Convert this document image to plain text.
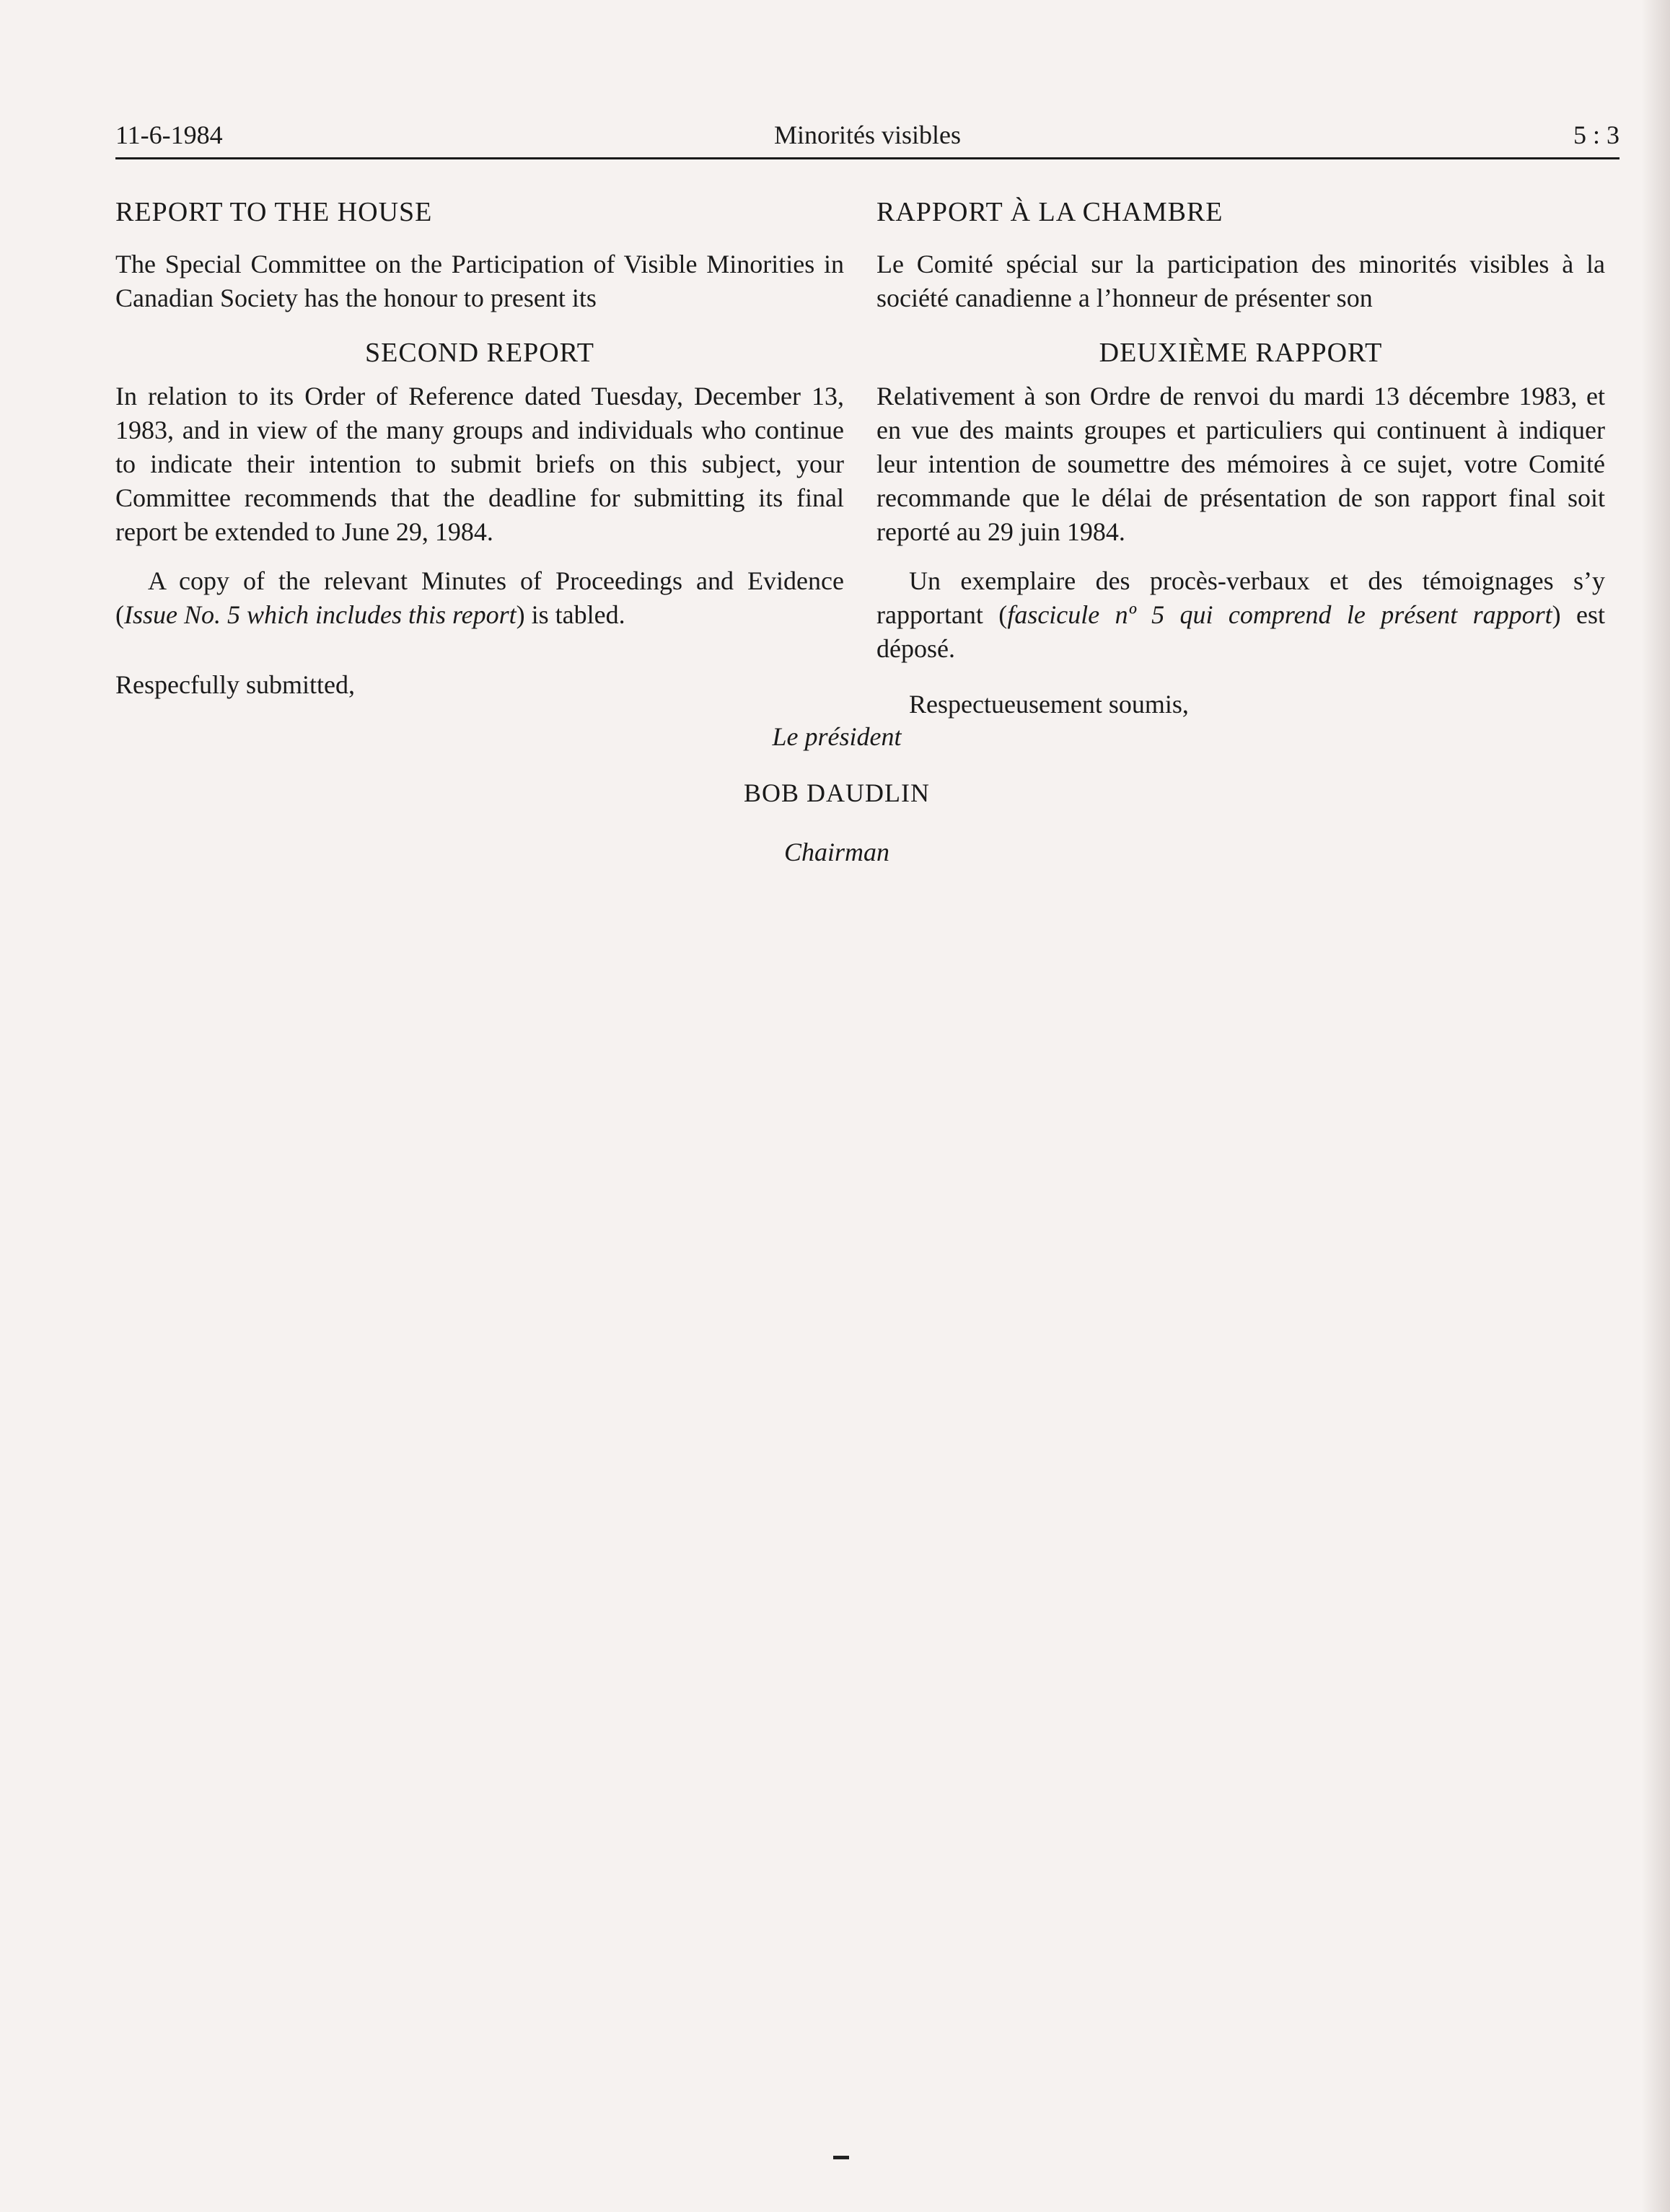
11-6-1984	Minorités visibles	5 : 3
REPORT TO THE HOUSE

The Special Committee on the Participation of Visible Minorities in Canadian Society has the honour to present its

SECOND REPORT

In relation to its Order of Reference dated Tuesday, December 13, 1983, and in view of the many groups and individuals who continue to indicate their intention to submit briefs on this subject, your Committee recommends that the deadline for submitting its final report be extended to June 29, 1984.

A copy of the relevant Minutes of Proceedings and Evidence (Issue No. 5 which includes this report) is tabled.

Respecfully submitted,

RAPPORT À LA CHAMBRE

Le Comité spécial sur la participation des minorités visibles à la société canadienne a l’honneur de présenter son

DEUXIÈME RAPPORT

Relativement à son Ordre de renvoi du mardi 13 décembre 1983, et en vue des maints groupes et particuliers qui continuent à indiquer leur intention de soumettre des mémoires à ce sujet, votre Comité recommande que le délai de présentation de son rapport final soit reporté au 29 juin 1984.

Un exemplaire des procès-verbaux et des témoignages s’y rapportant (fascicule nº 5 qui comprend le présent rapport) est déposé.

Respectueusement soumis,

Le président
BOB DAUDLIN
Chairman
